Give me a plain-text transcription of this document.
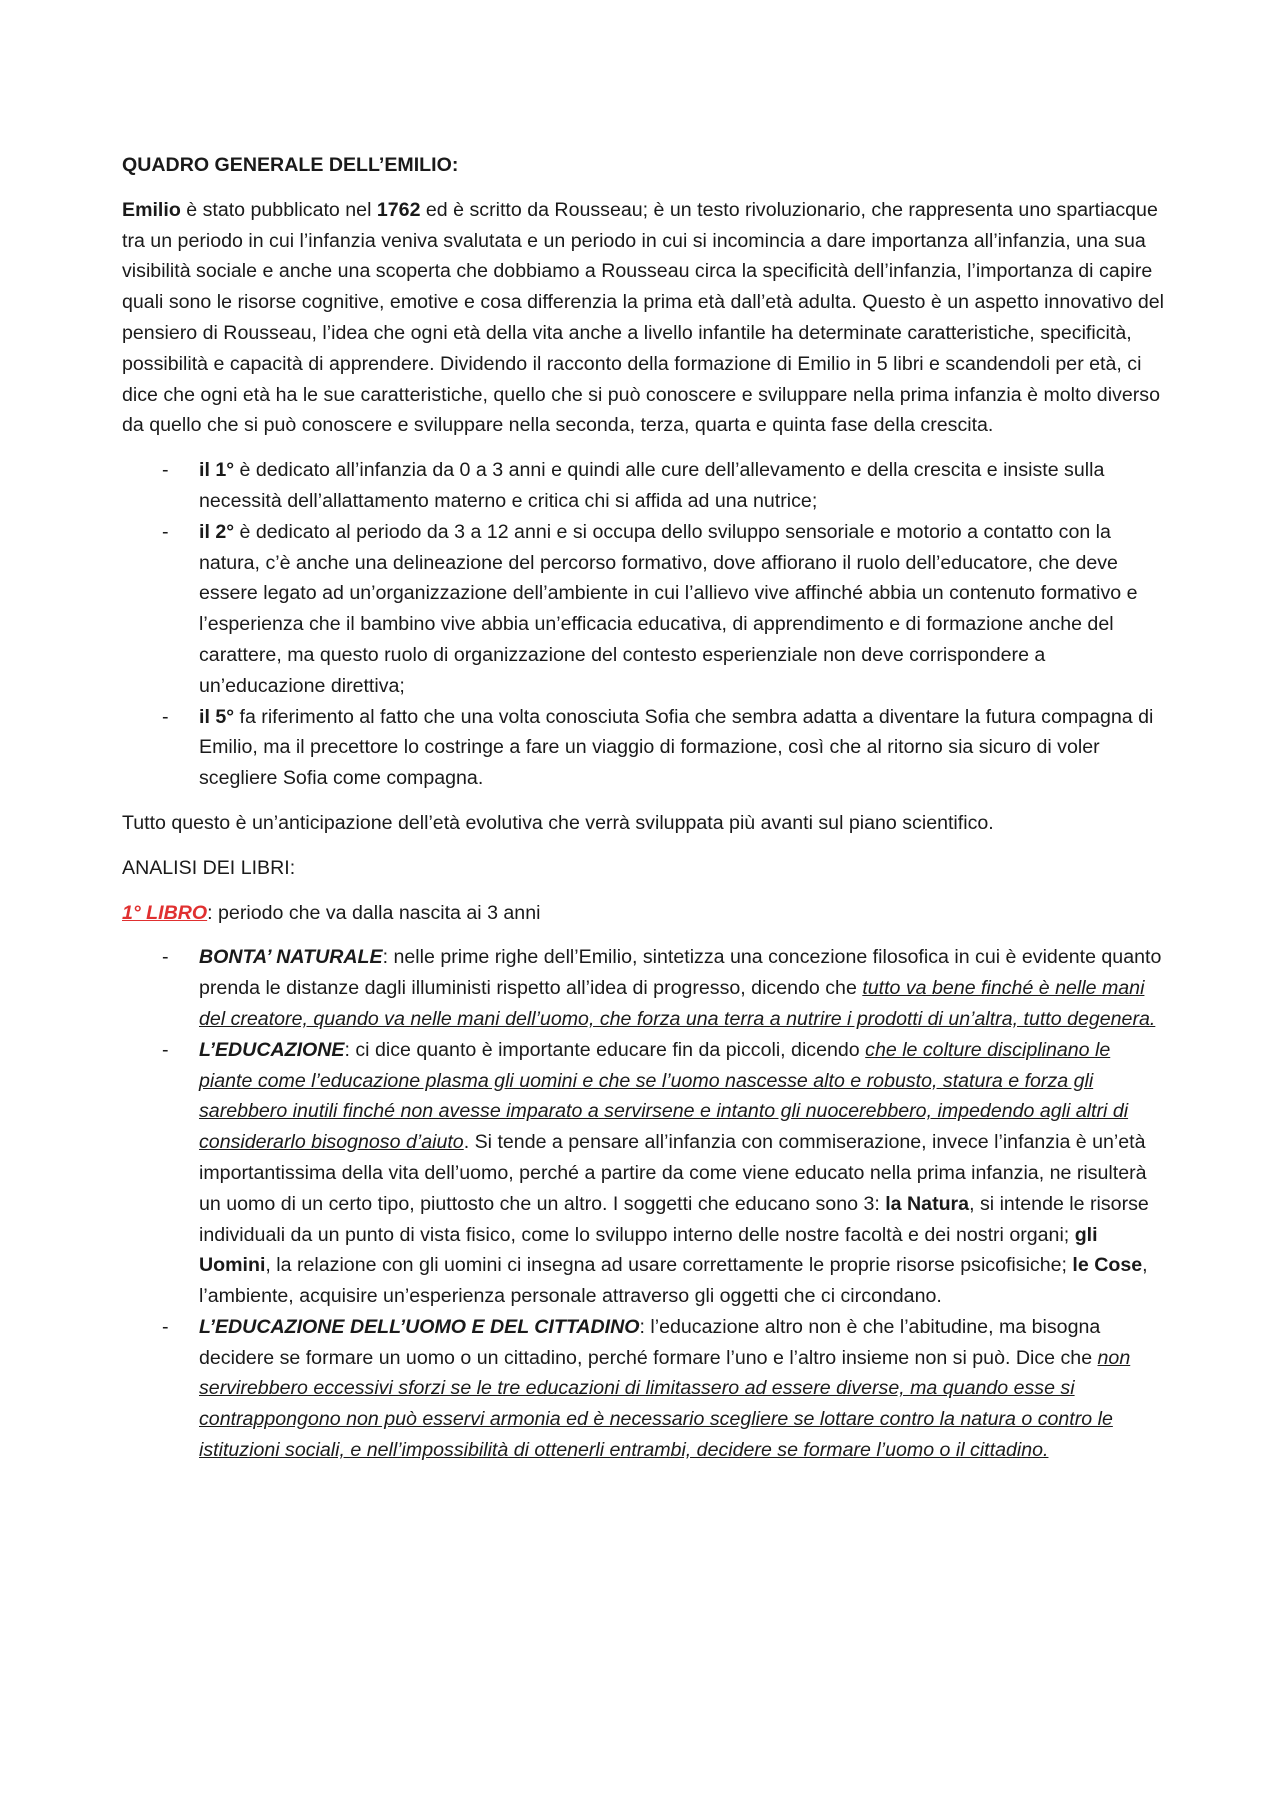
QUADRO GENERALE DELL’EMILIO:

Emilio è stato pubblicato nel 1762 ed è scritto da Rousseau; è un testo rivoluzionario, che rappresenta uno spartiacque tra un periodo in cui l’infanzia veniva svalutata e un periodo in cui si incomincia a dare importanza all’infanzia, una sua visibilità sociale e anche una scoperta che dobbiamo a Rousseau circa la specificità dell’infanzia, l’importanza di capire quali sono le risorse cognitive, emotive e cosa differenzia la prima età dall’età adulta. Questo è un aspetto innovativo del pensiero di Rousseau, l’idea che ogni età della vita anche a livello infantile ha determinate caratteristiche, specificità, possibilità e capacità di apprendere. Dividendo il racconto della formazione di Emilio in 5 libri e scandendoli per età, ci dice che ogni età ha le sue caratteristiche, quello che si può conoscere e sviluppare nella prima infanzia è molto diverso da quello che si può conoscere e sviluppare nella seconda, terza, quarta e quinta fase della crescita.

- il 1° è dedicato all’infanzia da 0 a 3 anni e quindi alle cure dell’allevamento e della crescita e insiste sulla necessità dell’allattamento materno e critica chi si affida ad una nutrice;
- il 2° è dedicato al periodo da 3 a 12 anni e si occupa dello sviluppo sensoriale e motorio a contatto con la natura, c’è anche una delineazione del percorso formativo, dove affiorano il ruolo dell’educatore, che deve essere legato ad un’organizzazione dell’ambiente in cui l’allievo vive affinché abbia un contenuto formativo e l’esperienza che il bambino vive abbia un’efficacia educativa, di apprendimento e di formazione anche del carattere, ma questo ruolo di organizzazione del contesto esperienziale non deve corrispondere a un’educazione direttiva;
- il 5° fa riferimento al fatto che una volta conosciuta Sofia che sembra adatta a diventare la futura compagna di Emilio, ma il precettore lo costringe a fare un viaggio di formazione, così che al ritorno sia sicuro di voler scegliere Sofia come compagna.

Tutto questo è un’anticipazione dell’età evolutiva che verrà sviluppata più avanti sul piano scientifico.

ANALISI DEI LIBRI:

1° LIBRO: periodo che va dalla nascita ai 3 anni

- BONTA’ NATURALE: nelle prime righe dell’Emilio, sintetizza una concezione filosofica in cui è evidente quanto prenda le distanze dagli illuministi rispetto all’idea di progresso, dicendo che tutto va bene finché è nelle mani del creatore, quando va nelle mani dell’uomo, che forza una terra a nutrire i prodotti di un’altra, tutto degenera.
- L’EDUCAZIONE: ci dice quanto è importante educare fin da piccoli, dicendo che le colture disciplinano le piante come l’educazione plasma gli uomini e che se l’uomo nascesse alto e robusto, statura e forza gli sarebbero inutili finché non avesse imparato a servirsene e intanto gli nuocerebbero, impedendo agli altri di considerarlo bisognoso d’aiuto. Si tende a pensare all’infanzia con commiserazione, invece l’infanzia è un’età importantissima della vita dell’uomo, perché a partire da come viene educato nella prima infanzia, ne risulterà un uomo di un certo tipo, piuttosto che un altro. I soggetti che educano sono 3: la Natura, si intende le risorse individuali da un punto di vista fisico, come lo sviluppo interno delle nostre facoltà e dei nostri organi; gli Uomini, la relazione con gli uomini ci insegna ad usare correttamente le proprie risorse psicofisiche; le Cose, l’ambiente, acquisire un’esperienza personale attraverso gli oggetti che ci circondano.
- L’EDUCAZIONE DELL’UOMO E DEL CITTADINO: l’educazione altro non è che l’abitudine, ma bisogna decidere se formare un uomo o un cittadino, perché formare l’uno e l’altro insieme non si può. Dice che non servirebbero eccessivi sforzi se le tre educazioni di limitassero ad essere diverse, ma quando esse si contrappongono non può esservi armonia ed è necessario scegliere se lottare contro la natura o contro le istituzioni sociali, e nell’impossibilità di ottenerli entrambi, decidere se formare l’uomo o il cittadino.
